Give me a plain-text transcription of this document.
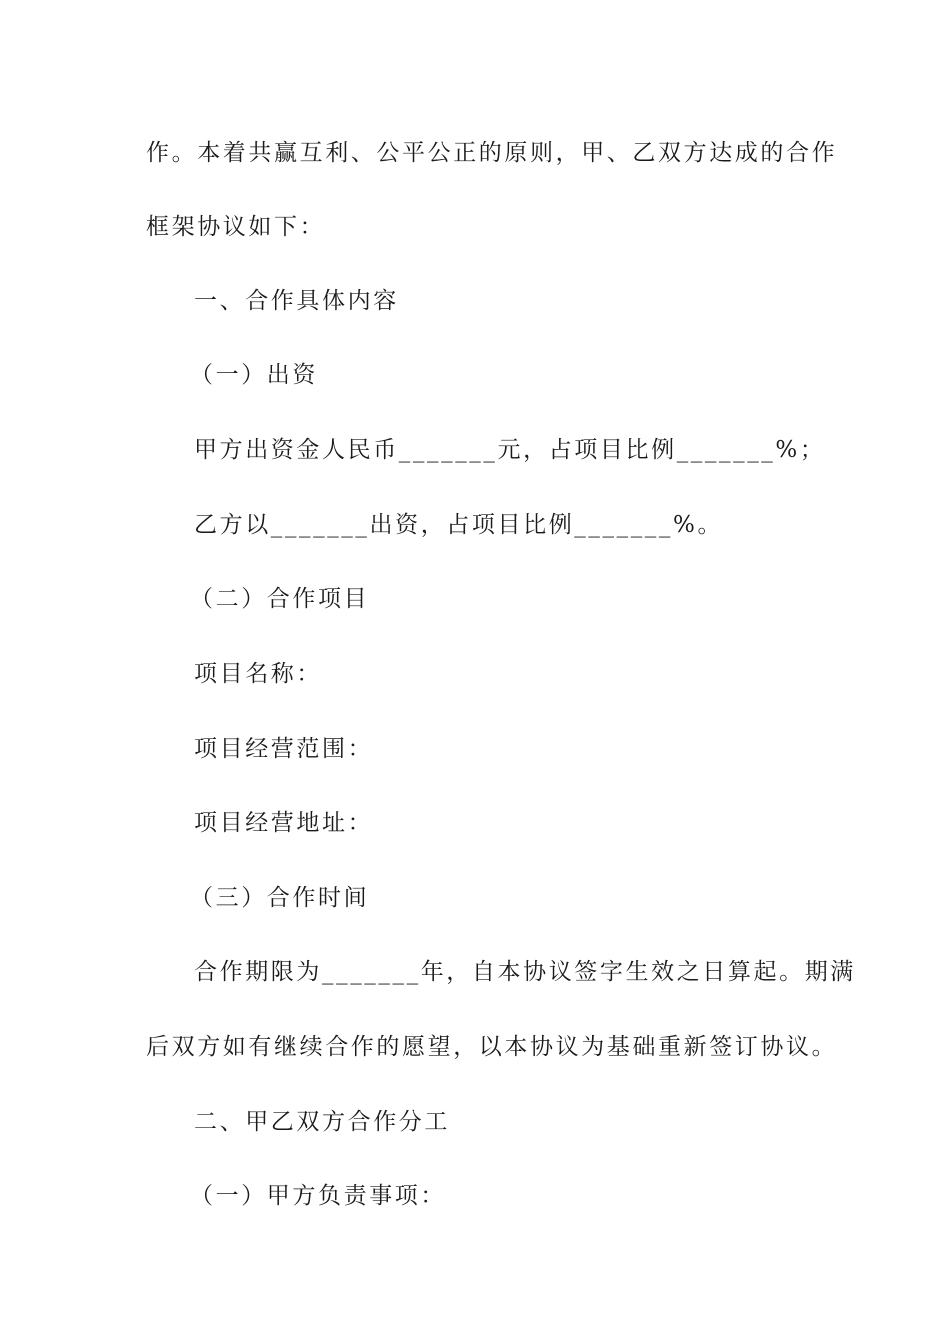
作。本着共赢互利、公平公正的原则，甲、乙双方达成的合作
框架协议如下：
一、合作具体内容
（一）出资
甲方出资金人民币_______元，占项目比例_______%；
乙方以_______出资，占项目比例_______%。
（二）合作项目
项目名称：
项目经营范围：
项目经营地址：
（三）合作时间
合作期限为_______年，自本协议签字生效之日算起。期满
后双方如有继续合作的愿望，以本协议为基础重新签订协议。
二、甲乙双方合作分工
（一）甲方负责事项：
